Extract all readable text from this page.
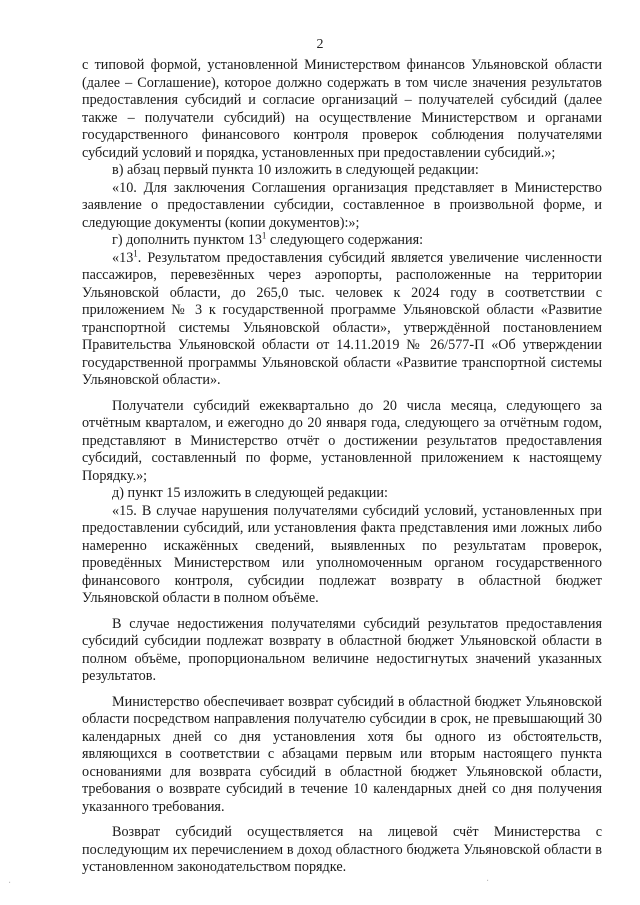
2

с типовой формой, установленной Министерством финансов Ульяновской области (далее – Соглашение), которое должно содержать в том числе значения результатов предоставления субсидий и согласие организаций – получателей субсидий (далее также – получатели субсидий) на осуществление Министерством и органами государственного финансового контроля проверок соблюдения получателями субсидий условий и порядка, установленных при предоставлении субсидий.»;

в) абзац первый пункта 10 изложить в следующей редакции:

«10. Для заключения Соглашения организация представляет в Министерство заявление о предоставлении субсидии, составленное в произвольной форме, и следующие документы (копии документов):»;

г) дополнить пунктом $13^1$ следующего содержания:

«$13^1$. Результатом предоставления субсидий является увеличение численности пассажиров, перевезённых через аэропорты, расположенные на территории Ульяновской области, до 265,0 тыс. человек к 2024 году в соответствии с приложением № 3 к государственной программе Ульяновской области «Развитие транспортной системы Ульяновской области», утверждённой постановлением Правительства Ульяновской области от 14.11.2019 № 26/577-П «Об утверждении государственной программы Ульяновской области «Развитие транспортной системы Ульяновской области».

Получатели субсидий ежеквартально до 20 числа месяца, следующего за отчётным кварталом, и ежегодно до 20 января года, следующего за отчётным годом, представляют в Министерство отчёт о достижении результатов предоставления субсидий, составленный по форме, установленной приложением к настоящему Порядку.»;

д) пункт 15 изложить в следующей редакции:

«15. В случае нарушения получателями субсидий условий, установленных при предоставлении субсидий, или установления факта представления ими ложных либо намеренно искажённых сведений, выявленных по результатам проверок, проведённых Министерством или уполномоченным органом государственного финансового контроля, субсидии подлежат возврату в областной бюджет Ульяновской области в полном объёме.

В случае недостижения получателями субсидий результатов предоставления субсидий субсидии подлежат возврату в областной бюджет Ульяновской области в полном объёме, пропорциональном величине недостигнутых значений указанных результатов.

Министерство обеспечивает возврат субсидий в областной бюджет Ульяновской области посредством направления получателю субсидии в срок, не превышающий 30 календарных дней со дня установления хотя бы одного из обстоятельств, являющихся в соответствии с абзацами первым или вторым настоящего пункта основаниями для возврата субсидий в областной бюджет Ульяновской области, требования о возврате субсидий в течение 10 календарных дней со дня получения указанного требования.

Возврат субсидий осуществляется на лицевой счёт Министерства с последующим их перечислением в доход областного бюджета Ульяновской области в установленном законодательством порядке.

·	·
